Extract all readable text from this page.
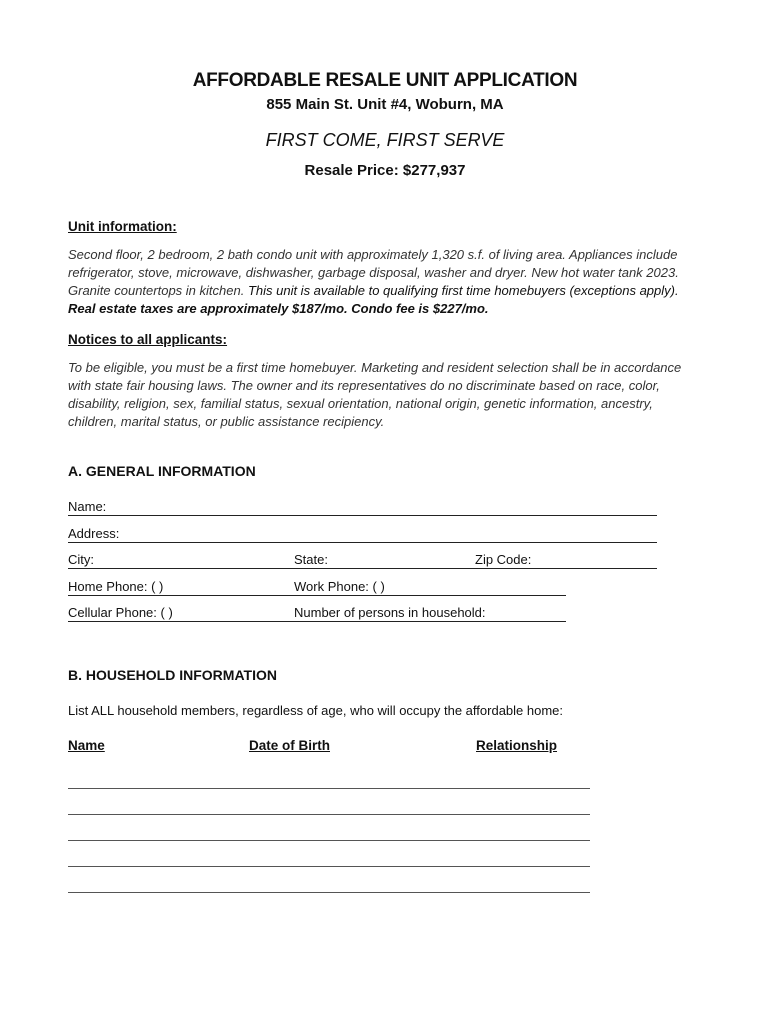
AFFORDABLE RESALE UNIT APPLICATION
855 Main St. Unit #4, Woburn, MA
FIRST COME, FIRST SERVE
Resale Price: $277,937
Unit information:
Second floor, 2 bedroom, 2 bath condo unit with approximately 1,320 s.f. of living area. Appliances include refrigerator, stove, microwave, dishwasher, garbage disposal, washer and dryer. New hot water tank 2023. Granite countertops in kitchen. This unit is available to qualifying first time homebuyers (exceptions apply).
Real estate taxes are approximately $187/mo. Condo fee is $227/mo.
Notices to all applicants:
To be eligible, you must be a first time homebuyer. Marketing and resident selection shall be in accordance with state fair housing laws. The owner and its representatives do no discriminate based on race, color, disability, religion, sex, familial status, sexual orientation, national origin, genetic information, ancestry, children, marital status, or public assistance recipiency.
A. GENERAL INFORMATION
Name:
Address:
City:	State:	Zip Code:
Home Phone: ( )	Work Phone: ( )
Cellular Phone: ( )	Number of persons in household:
B. HOUSEHOLD INFORMATION
List ALL household members, regardless of age, who will occupy the affordable home:
Name	Date of Birth	Relationship
